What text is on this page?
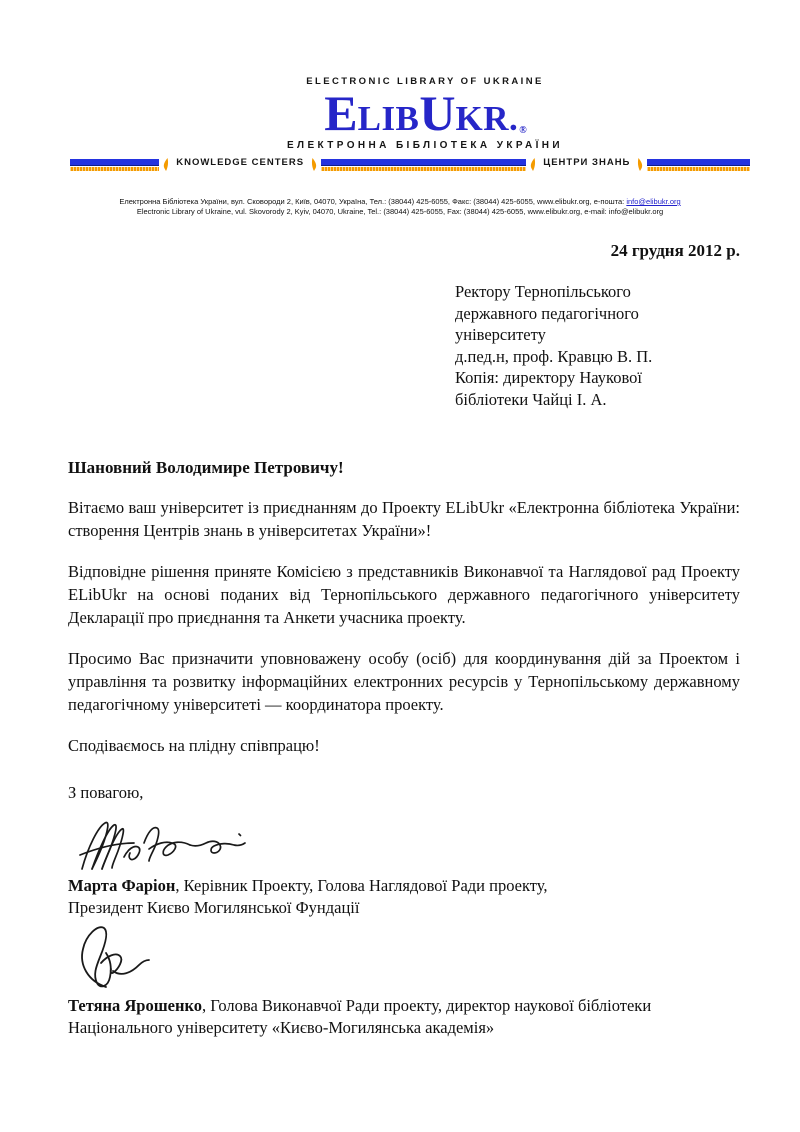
ELECTRONIC LIBRARY OF UKRAINE
ELIBUKR.®
ЕЛЕКТРОННА БІБЛІОТЕКА УКРАЇНИ
KNOWLEDGE CENTERS	ЦЕНТРИ ЗНАНЬ
Електронна Бібліотека України, вул. Сковороди 2, Київ, 04070, Україна, Тел.: (38044) 425-6055, Факс: (38044) 425-6055, www.elibukr.org, е-пошта: info@elibukr.org
Electronic Library of Ukraine, vul. Skovorody 2, Kyiv, 04070, Ukraine, Tel.: (38044) 425-6055, Fax: (38044) 425-6055, www.elibukr.org, e-mail: info@elibukr.org
24 грудня 2012 р.
Ректору Тернопільського
державного педагогічного
університету
д.пед.н, проф. Кравцю В. П.
Копія: директору Наукової
бібліотеки Чайці І. А.
Шановний Володимире Петровичу!

Вітаємо ваш університет із приєднанням до Проекту ELibUkr «Електронна бібліотека України: створення Центрів знань в університетах України»!

Відповідне рішення приняте Комісією з представників Виконавчої та Наглядової рад Проекту ELibUkr на основі поданих від Тернопільського державного педагогічного університету Декларації про приєднання та Анкети учасника проекту.

Просимо Вас призначити уповноважену особу (осіб) для координування дій за Проектом і управління та розвитку інформаційних електронних ресурсів у Тернопільському державному педагогічному університеті — координатора проекту.

Сподіваємось на плідну співпрацю!

З повагою,
Марта Фаріон, Керівник Проекту, Голова Наглядової Ради проекту,
Президент Києво Могилянської Фундації
Тетяна Ярошенко, Голова Виконавчої Ради проекту, директор наукової бібліотеки
Національного університету «Києво-Могилянська академія»
